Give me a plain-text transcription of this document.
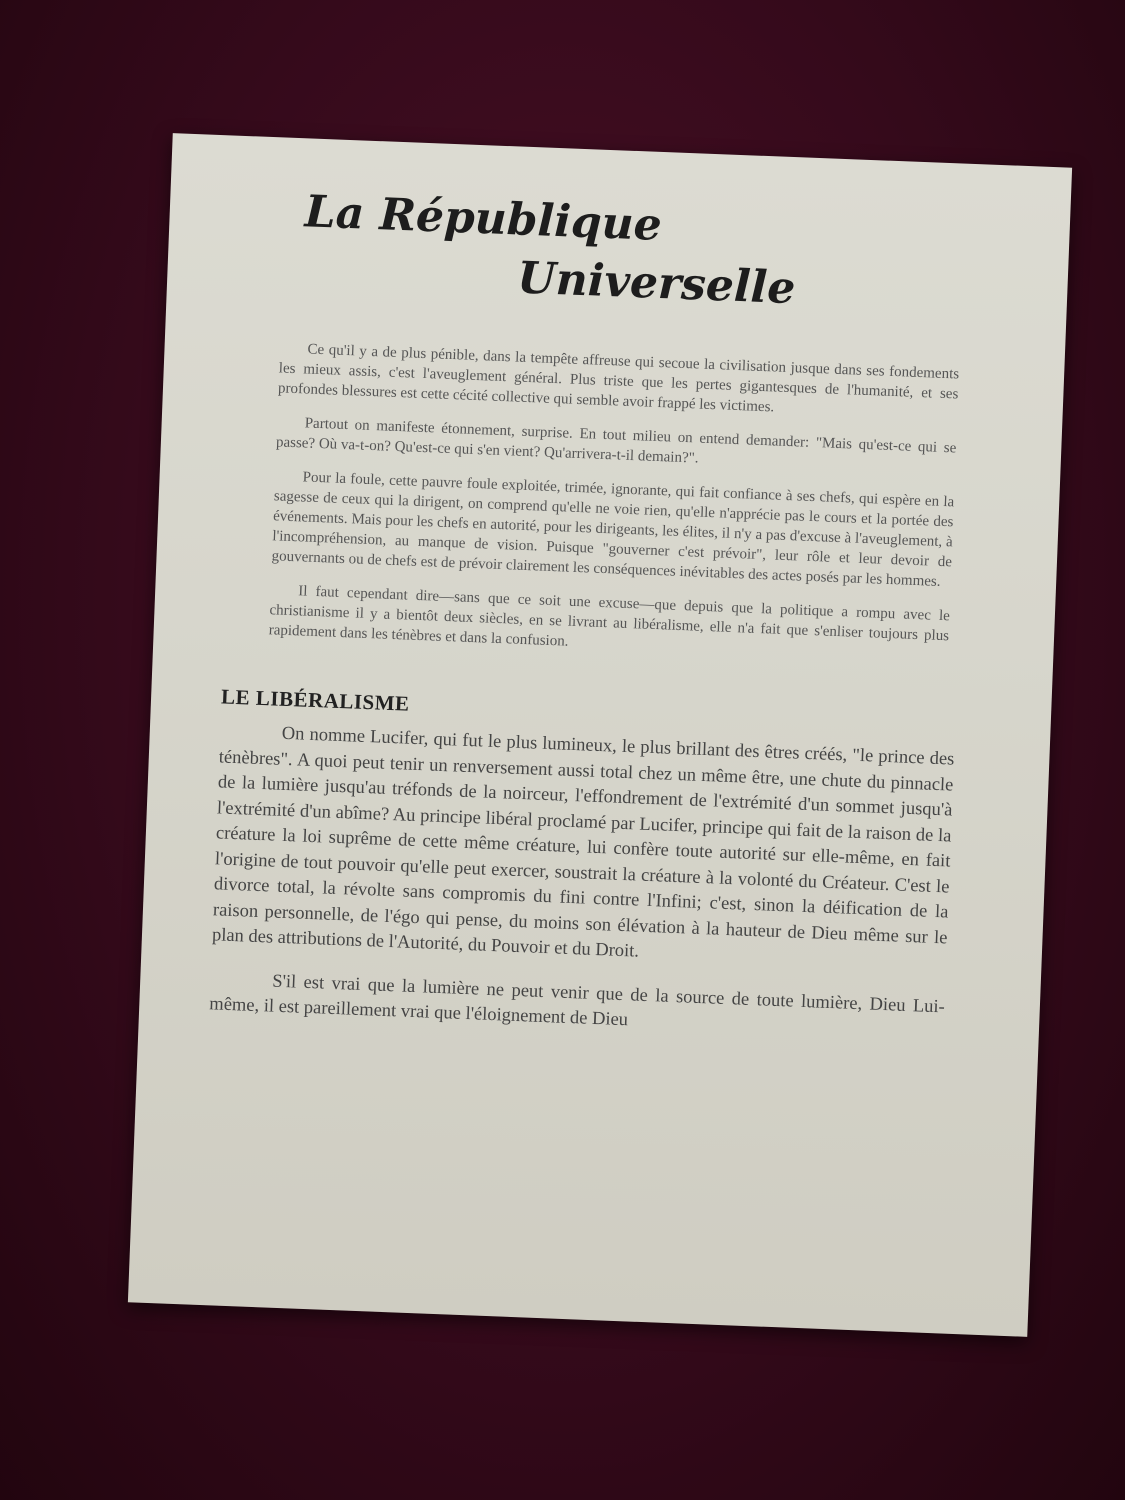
La République
Universelle

Ce qu'il y a de plus pénible, dans la tempête affreuse qui secoue la civilisation jusque dans ses fondements les mieux assis, c'est l'aveuglement général. Plus triste que les pertes gigantesques de l'humanité, et ses profondes blessures est cette cécité collective qui semble avoir frappé les victimes.

Partout on manifeste étonnement, surprise. En tout milieu on entend demander: "Mais qu'est-ce qui se passe? Où va-t-on? Qu'est-ce qui s'en vient? Qu'arrivera-t-il demain?".

Pour la foule, cette pauvre foule exploitée, trimée, ignorante, qui fait confiance à ses chefs, qui espère en la sagesse de ceux qui la dirigent, on comprend qu'elle ne voie rien, qu'elle n'apprécie pas le cours et la portée des événements. Mais pour les chefs en autorité, pour les dirigeants, les élites, il n'y a pas d'excuse à l'aveuglement, à l'incompréhension, au manque de vision. Puisque "gouverner c'est prévoir", leur rôle et leur devoir de gouvernants ou de chefs est de prévoir clairement les conséquences inévitables des actes posés par les hommes.

Il faut cependant dire—sans que ce soit une excuse—que depuis que la politique a rompu avec le christianisme il y a bientôt deux siècles, en se livrant au libéralisme, elle n'a fait que s'enliser toujours plus rapidement dans les ténèbres et dans la confusion.

LE LIBÉRALISME

On nomme Lucifer, qui fut le plus lumineux, le plus brillant des êtres créés, "le prince des ténèbres". A quoi peut tenir un renversement aussi total chez un même être, une chute du pinnacle de la lumière jusqu'au tréfonds de la noirceur, l'effondrement de l'extrémité d'un sommet jusqu'à l'extrémité d'un abîme? Au principe libéral proclamé par Lucifer, principe qui fait de la raison de la créature la loi suprême de cette même créature, lui confère toute autorité sur elle-même, en fait l'origine de tout pouvoir qu'elle peut exercer, soustrait la créature à la volonté du Créateur. C'est le divorce total, la révolte sans compromis du fini contre l'Infini; c'est, sinon la déification de la raison personnelle, de l'égo qui pense, du moins son élévation à la hauteur de Dieu même sur le plan des attributions de l'Autorité, du Pouvoir et du Droit.

S'il est vrai que la lumière ne peut venir que de la source de toute lumière, Dieu Lui-même, il est pareillement vrai que l'éloignement de Dieu
